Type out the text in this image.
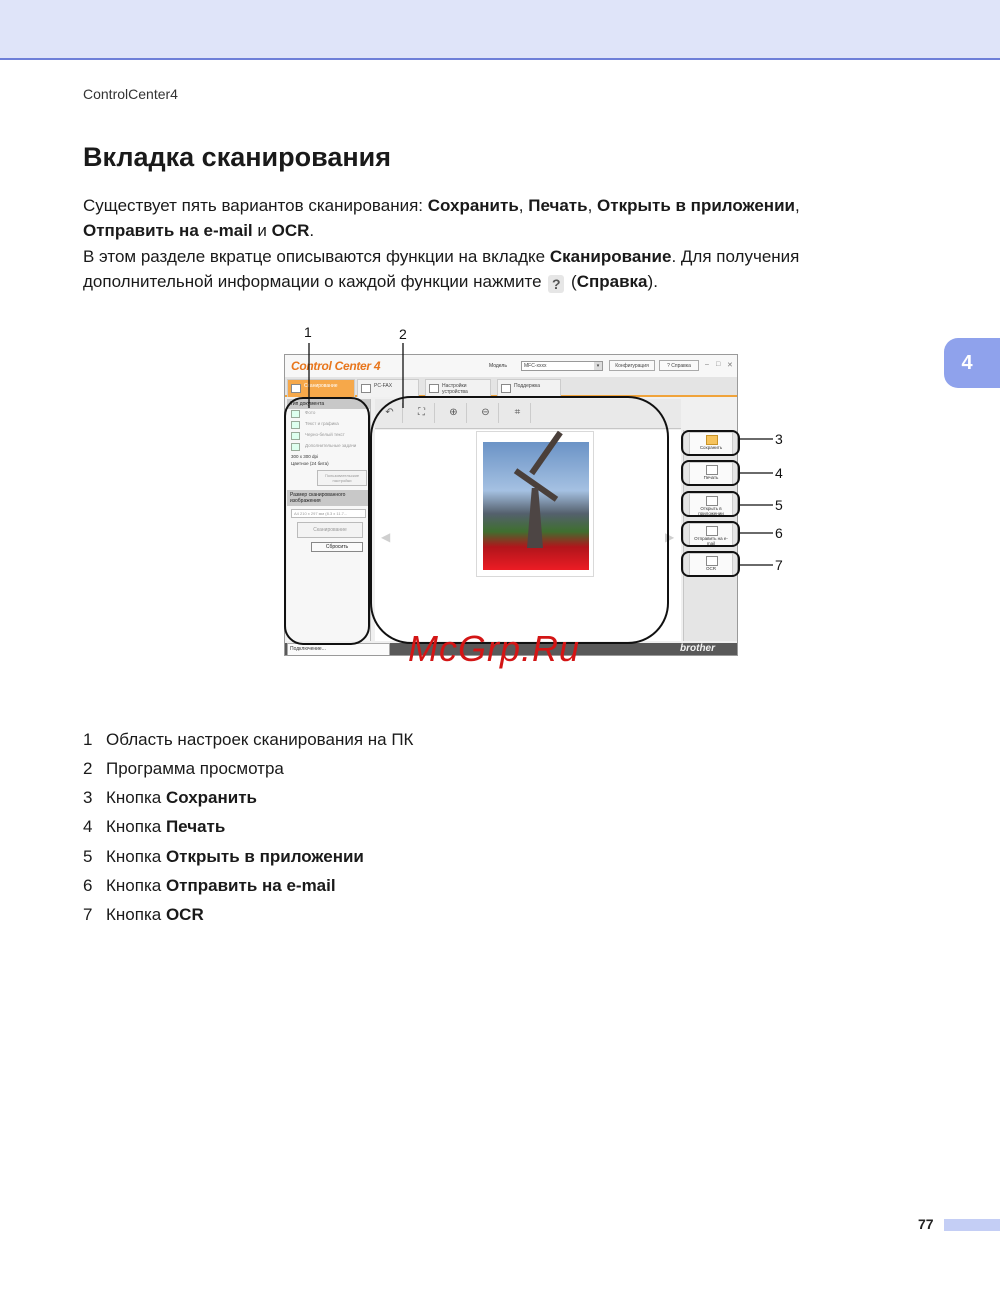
ControlCenter4
4
Вкладка сканирования

Существует пять вариантов сканирования: Сохранить, Печать, Открыть в приложении,
Отправить на e-mail и OCR.

В этом разделе вкратце описываются функции на вкладке Сканирование. Для получения дополнительной информации о каждой функции нажмите ? (Справка).

Control Center 4	Модель	MFC-xxxx	▾	Конфигурация	? Справка	– □ ✕
Сканирование	PC-FAX	Настройки устройства
Поддержка
Тип документа
Фото
Текст и графика
Черно-белый текст
Дополнительные задачи
300 x 300 dpi
Цветное (24 бита)
Пользовательские настройки
Размер сканированного изображения
A4 210 x 297 мм (8.3 x 11.7...
Сканирование
Сбросить
↶	⛶	⊕	⊖	⌗
◀	▶
Сохранить
Печать
Открыть в приложении
Отправить на e-mail
OCR
Подключение...	brother
1	2
3
4
5
6
7
McGrp.Ru
1 Область настроек сканирования на ПК
2 Программа просмотра
3 Кнопка Сохранить
4 Кнопка Печать
5 Кнопка Открыть в приложении
6 Кнопка Отправить на e-mail
7 Кнопка OCR
77
